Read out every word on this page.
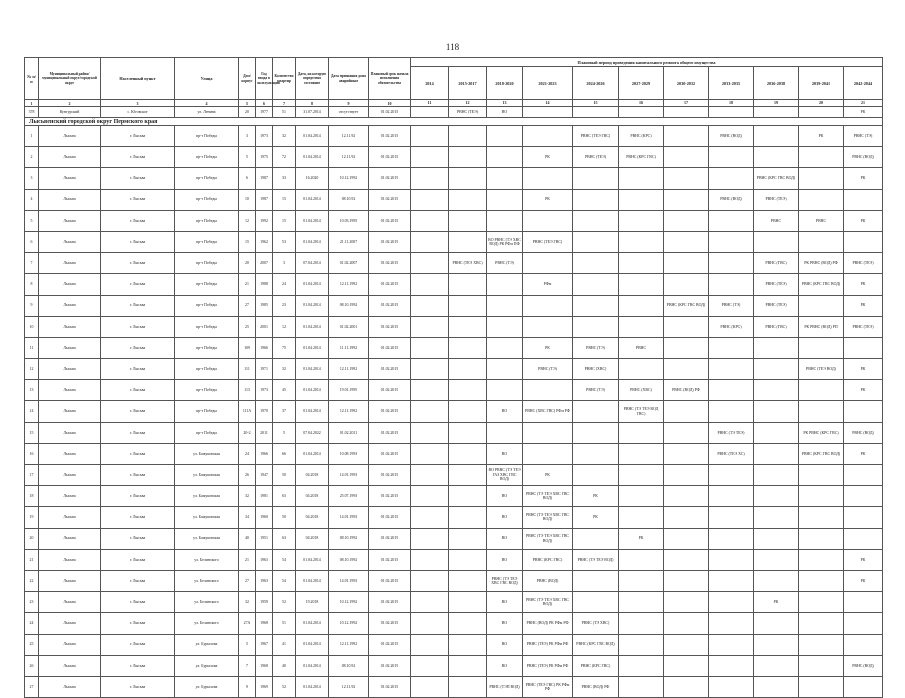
118
№ п/п	Муниципальный район/ муниципальный округ/городской округ	Населенный пункт	Улица	Дом/ корпус	Год ввода в эксплуатацию	Количество квартир	Дата, на которую определено состояние	Дата признания дома аварийным	Плановый срок начала исполнения обязательства	Плановый период проведения капитального ремонта общего имущества										
										2014	2015-2017	2018-2020	2021-2023	2024-2026	2027-2029	2030-2032	2033-2035	2036-2038	2039-2041	2042-2044
1	2	3	4	5	6	7	8	9	10	11	12	13	14	15	16	17	18	19	20	21
378	Кунгурский	с. Юговское	ул. Ленина	20	1977	51	31.07.2014	отсутствует	01.02.2015		РВНС (ТЕЭ)	ВО								РК
Лысьвенский городской округ Пермского края																				
1	Лысьва	г. Лысьва	пр-т Победы	3	1973	32	01.04.2014	12.11.92	01.02.2015					РВНС (ТЕЭ ГВС)	РВНС (КРС)		РВНС (ВОД)		РК	РВНС (ТЭ)
2	Лысьва	г. Лысьва	пр-т Победы	5	1975	72	01.04.2014	12.11.92	01.02.2015				РК	РВНС (ТЕЭ)	РВНС (КРС ГВС)					РВНС (ВОД)
3	Лысьва	г. Лысьва	пр-т Победы	6	1987	33	16.2020	10.12.1992	01.02.2015									РВНС (КРС ГВС ВОД)		РК
4	Лысьва	г. Лысьва	пр-т Победы	10	1987	15	01.04.2014	08.10.92	01.02.2015				РК				РВНС (ВОД)	РВНС (ТЕЭ)		
5	Лысьва	г. Лысьва	пр-т Победы	12	1992	15	01.04.2014	10.03.1995	01.02.2015									РВНС	РВНС	РК
6	Лысьва	г. Лысьва	пр-т Победы	15	1962	53	01.04.2014	21.11.2007	01.02.2015			ВО РВНС (ТЭ ХВС ВОД) РК РФм ПФ	РВНС (ТЕЭ ГВС)							
7	Лысьва	г. Лысьва	пр-т Победы	20	2007	3	07.04.2014	01.02.2007	01.02.2015		РВНС (ТЕЭ ХВС)	РВНС (ТЭ)						РВНС (ГВС)	РК РВНС (ВОД) РФ	РВНС (ТЕЭ)
8	Лысьва	г. Лысьва	пр-т Победы	21	1988	24	01.04.2014	12.11.1992	01.02.2015				РФм					РВНС (ТЕЭ)	РВНС (КРС ГВС ВОД)	РК
9	Лысьва	г. Лысьва	пр-т Победы	27	1985	23	01.04.2014	08.10.1992	01.02.2015							РВНС (КРС ГВС ВОД)	РВНС (ТЭ)	РВНС (ТЕЭ)		РК
10	Лысьва	г. Лысьва	пр-т Победы	25	2001	12	01.04.2014	01.02.2001	01.02.2015								РВНС (КРС)	РВНС (ГВС)	РК РВНС (ВОД) РП	РВНС (ТЕЭ)
11	Лысьва	г. Лысьва	пр-т Победы	109	1966	75	01.04.2014	11.11.1992	01.02.2015				РК	РВНС (ТЭ)	РВНС					
12	Лысьва	г. Лысьва	пр-т Победы	111	1971	32	01.04.2014	12.11.1992	01.02.2015				РВНС (ТЭ)	РВНС (ХВС)					РВНС (ТЕЭ ВОД)	РК
13	Лысьва	г. Лысьва	пр-т Победы	113	1973	45	01.04.2014	19.01.1995	01.02.2015					РВНС (ТЭ)	РВНС (ХВС)	РВНС (ВОД) РФ				РК
14	Лысьва	г. Лысьва	пр-т Победы	111А	1970	37	01.04.2014	12.11.1992	01.02.2015			ВО	РВНС (ХВС ГВС) РФм РФ		РВНС (ТЭ ТЕЭ ВОД ГВС)					
15	Лысьва	г. Лысьва	пр-т Победы	20-2	2011	5	07.04.2022	01.02.2011	01.02.2015								РВНС (ТЭ ТЕЭ)		РК РВНС (КРС ГВС)	РВНС (ВОД)
16	Лысьва	г. Лысьва	ул. Бажуковская	24	1966	66	01.04.2014	10.08.1993	01.02.2015			ВО					РВНС (ТЕЭ ХС)		РВНС (КРС ГВС ВОД)	РК
17	Лысьва	г. Лысьва	ул. Бажуковская	26	1947	50	04.2018	14.01.1993	01.02.2015			ВО РВНС (ТЭ ТЕЭ ГАЗ ХВС ГВС ВОД)	РК							
18	Лысьва	г. Лысьва	ул. Бажуковская	32	1981	63	04.2018	25.07.1993	01.02.2015			ВО	РВНС (ТЭ ТЕЭ ХВС ГВС ВОД)	РК						
19	Лысьва	г. Лысьва	ул. Бажуковская	34	1960	50	04.2018	14.01.1993	01.02.2015			ВО	РВНС (ТЭ ТЕЭ ХВС ГВС ВОД)	РК						
20	Лысьва	г. Лысьва	ул. Бажуковская	40	1951	63	04.2018	08.10.1992	01.02.2015			ВО	РВНС (ТЭ ТЕЭ ХВС ГВС ВОД)		РК					
21	Лысьва	г. Лысьва	ул. Белинского	21	1963	54	01.04.2014	08.10.1992	01.02.2015			ВО	РВНС (КРС ГВС)	РВНС (ТЭ ТЕЭ ВОД)						РК
22	Лысьва	г. Лысьва	ул. Белинского	27	1963	54	01.04.2014	14.01.1993	01.02.2015			РВНС (ТЭ ТЕЭ ХВС ГВС ВОД)	РВНС (ВОД)							РК
23	Лысьва	г. Лысьва	ул. Белинского	32	1959	52	19.2018	10.12.1992	01.02.2015			ВО	РВНС (ТЭ ТЕЭ ХВС ГВС ВОД)					РК		
24	Лысьва	г. Лысьва	ул. Белинского	27А	1968	51	01.04.2014	10.12.1992	01.02.2015			ВО	РВНС (ВОД) РК РФм РФ	РВНС (ТЭ ХВС)						
25	Лысьва	г. Лысьва	ул. Бурылова	5	1967	41	01.04.2014	12.11.1992	01.02.2015			ВО	РВНС (ТЕЭ) РК РФм РФ	РВНС (КРС ГВС ВОД)						
26	Лысьва	г. Лысьва	ул. Бурылова	7	1968	40	01.04.2014	08.10.92	01.02.2015			ВО	РВНС (ТЕЭ) РК РФм РФ	РВНС (КРС ГВС)						РВНС (ВОД)
27	Лысьва	г. Лысьва	ул. Бурылова	9	1969	52	01.04.2014	12.11.92	01.02.2015			РВНС (ТЭП ВОД)	РВНС (ТЕЭ ГВС) РК РФм РФ	РВНС (ВОД) РФ						
